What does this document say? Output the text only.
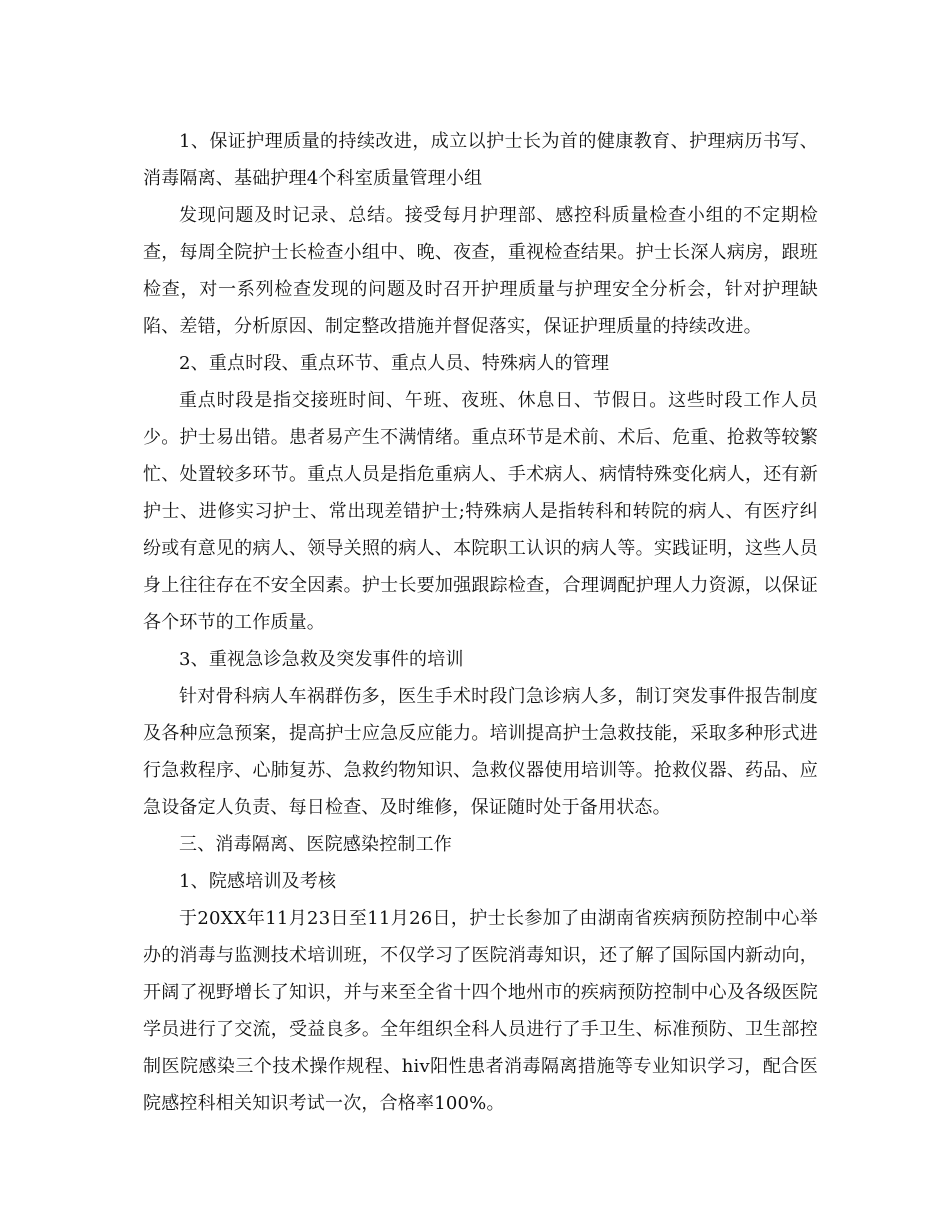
1、保证护理质量的持续改进，成立以护士长为首的健康教育、护理病历书写、消毒隔离、基础护理4个科室质量管理小组

发现问题及时记录、总结。接受每月护理部、感控科质量检查小组的不定期检查，每周全院护士长检查小组中、晚、夜查，重视检查结果。护士长深人病房，跟班检查，对一系列检查发现的问题及时召开护理质量与护理安全分析会，针对护理缺陷、差错，分析原因、制定整改措施并督促落实，保证护理质量的持续改进。

2、重点时段、重点环节、重点人员、特殊病人的管理

重点时段是指交接班时间、午班、夜班、休息日、节假日。这些时段工作人员少。护士易出错。患者易产生不满情绪。重点环节是术前、术后、危重、抢救等较繁忙、处置较多环节。重点人员是指危重病人、手术病人、病情特殊变化病人，还有新护士、进修实习护士、常出现差错护士;特殊病人是指转科和转院的病人、有医疗纠纷或有意见的病人、领导关照的病人、本院职工认识的病人等。实践证明，这些人员身上往往存在不安全因素。护士长要加强跟踪检查，合理调配护理人力资源，以保证各个环节的工作质量。

3、重视急诊急救及突发事件的培训

针对骨科病人车祸群伤多，医生手术时段门急诊病人多，制订突发事件报告制度及各种应急预案，提高护士应急反应能力。培训提高护士急救技能，采取多种形式进行急救程序、心肺复苏、急救约物知识、急救仪器使用培训等。抢救仪器、药品、应急设备定人负责、每日检查、及时维修，保证随时处于备用状态。

三、消毒隔离、医院感染控制工作

1、院感培训及考核

于20XX年11月23日至11月26日，护士长参加了由湖南省疾病预防控制中心举办的消毒与监测技术培训班，不仅学习了医院消毒知识，还了解了国际国内新动向，开阔了视野增长了知识，并与来至全省十四个地州市的疾病预防控制中心及各级医院学员进行了交流，受益良多。全年组织全科人员进行了手卫生、标准预防、卫生部控制医院感染三个技术操作规程、hiv阳性患者消毒隔离措施等专业知识学习，配合医院感控科相关知识考试一次，合格率100%。
